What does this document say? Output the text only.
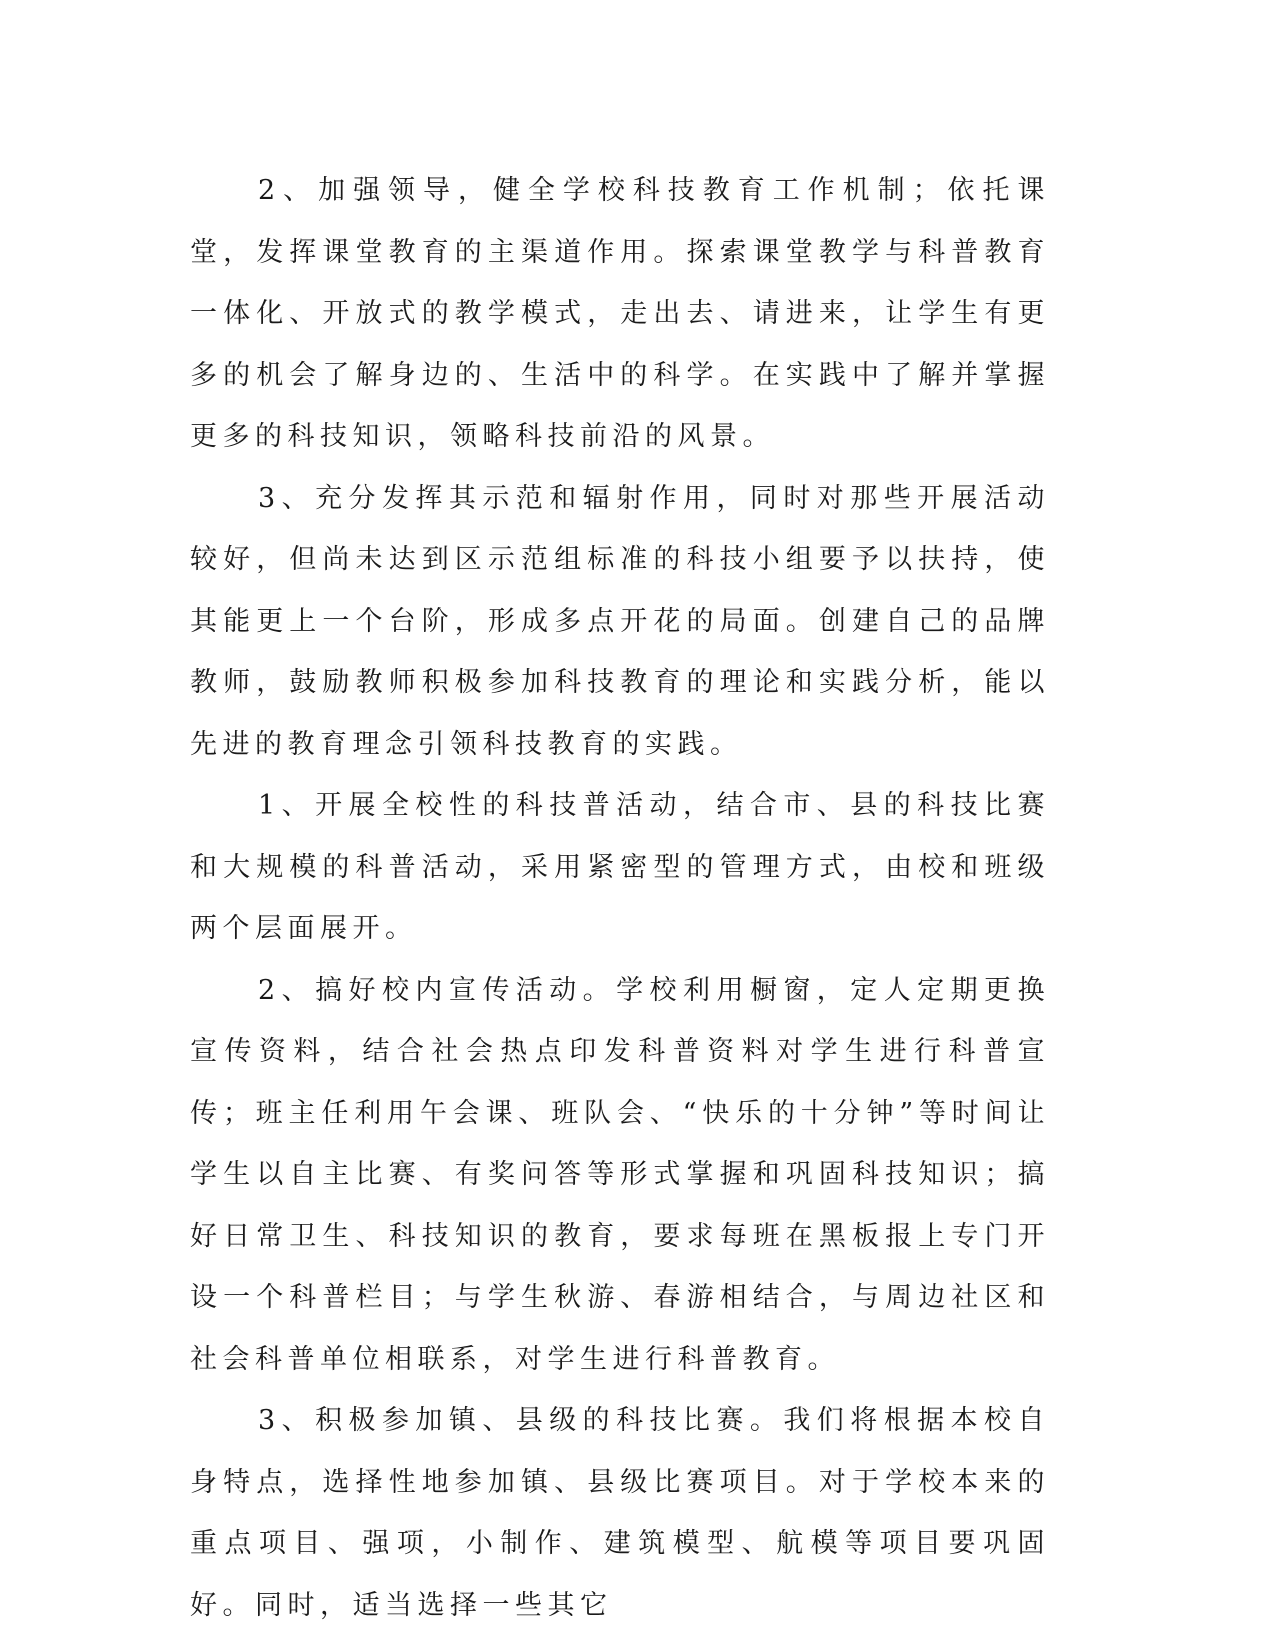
2、加强领导，健全学校科技教育工作机制；依托课堂，发挥课堂教育的主渠道作用。探索课堂教学与科普教育一体化、开放式的教学模式，走出去、请进来，让学生有更多的机会了解身边的、生活中的科学。在实践中了解并掌握更多的科技知识，领略科技前沿的风景。

3、充分发挥其示范和辐射作用，同时对那些开展活动较好，但尚未达到区示范组标准的科技小组要予以扶持，使其能更上一个台阶，形成多点开花的局面。创建自己的品牌教师，鼓励教师积极参加科技教育的理论和实践分析，能以先进的教育理念引领科技教育的实践。

1、开展全校性的科技普活动，结合市、县的科技比赛和大规模的科普活动，采用紧密型的管理方式，由校和班级两个层面展开。

2、搞好校内宣传活动。学校利用橱窗，定人定期更换宣传资料，结合社会热点印发科普资料对学生进行科普宣传；班主任利用午会课、班队会、“快乐的十分钟”等时间让学生以自主比赛、有奖问答等形式掌握和巩固科技知识；搞好日常卫生、科技知识的教育，要求每班在黑板报上专门开设一个科普栏目；与学生秋游、春游相结合，与周边社区和社会科普单位相联系，对学生进行科普教育。

3、积极参加镇、县级的科技比赛。我们将根据本校自身特点，选择性地参加镇、县级比赛项目。对于学校本来的重点项目、强项，小制作、建筑模型、航模等项目要巩固好。同时，适当选择一些其它
